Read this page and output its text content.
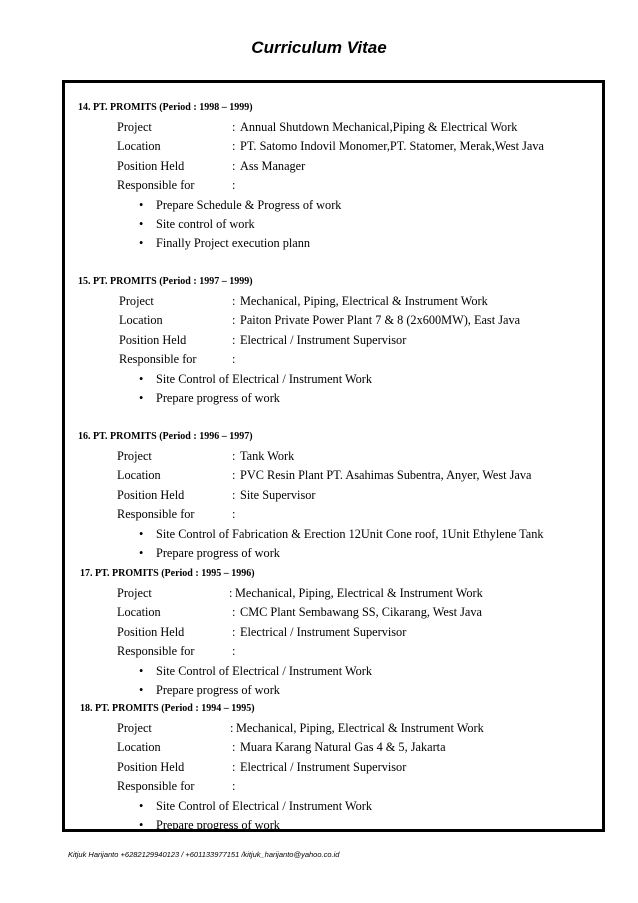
Curriculum Vitae
14. PT. PROMITS (Period : 1998 – 1999)
Project	: Annual Shutdown Mechanical,Piping & Electrical Work
Location	: PT. Satomo Indovil Monomer,PT. Statomer, Merak,West Java
Position Held	: Ass Manager
Responsible for	:
• Prepare Schedule & Progress of work
• Site control of work
• Finally Project execution plann
15. PT. PROMITS (Period : 1997 – 1999)
Project	: Mechanical, Piping, Electrical & Instrument Work
Location	: Paiton Private Power Plant 7 & 8 (2x600MW), East Java
Position Held	: Electrical / Instrument Supervisor
Responsible for	:
• Site Control of Electrical / Instrument Work
• Prepare progress of work
16. PT. PROMITS (Period : 1996 – 1997)
Project	: Tank Work
Location	: PVC Resin Plant PT. Asahimas Subentra, Anyer, West Java
Position Held	: Site Supervisor
Responsible for	:
• Site Control of Fabrication & Erection 12Unit Cone roof, 1Unit Ethylene Tank
• Prepare progress of work
17. PT. PROMITS (Period : 1995 – 1996)
Project	: Mechanical, Piping, Electrical & Instrument Work
Location	: CMC Plant Sembawang SS, Cikarang, West Java
Position Held	: Electrical / Instrument Supervisor
Responsible for	:
• Site Control of Electrical / Instrument Work
• Prepare progress of work
18. PT. PROMITS (Period : 1994 – 1995)
Project	: Mechanical, Piping, Electrical & Instrument Work
Location	: Muara Karang Natural Gas 4 & 5, Jakarta
Position Held	: Electrical / Instrument Supervisor
Responsible for	:
• Site Control of Electrical / Instrument Work
• Prepare progress of work
Kitjuk Harijanto +6282129940123 / +601133977151 /kitjuk_harijanto@yahoo.co.id
